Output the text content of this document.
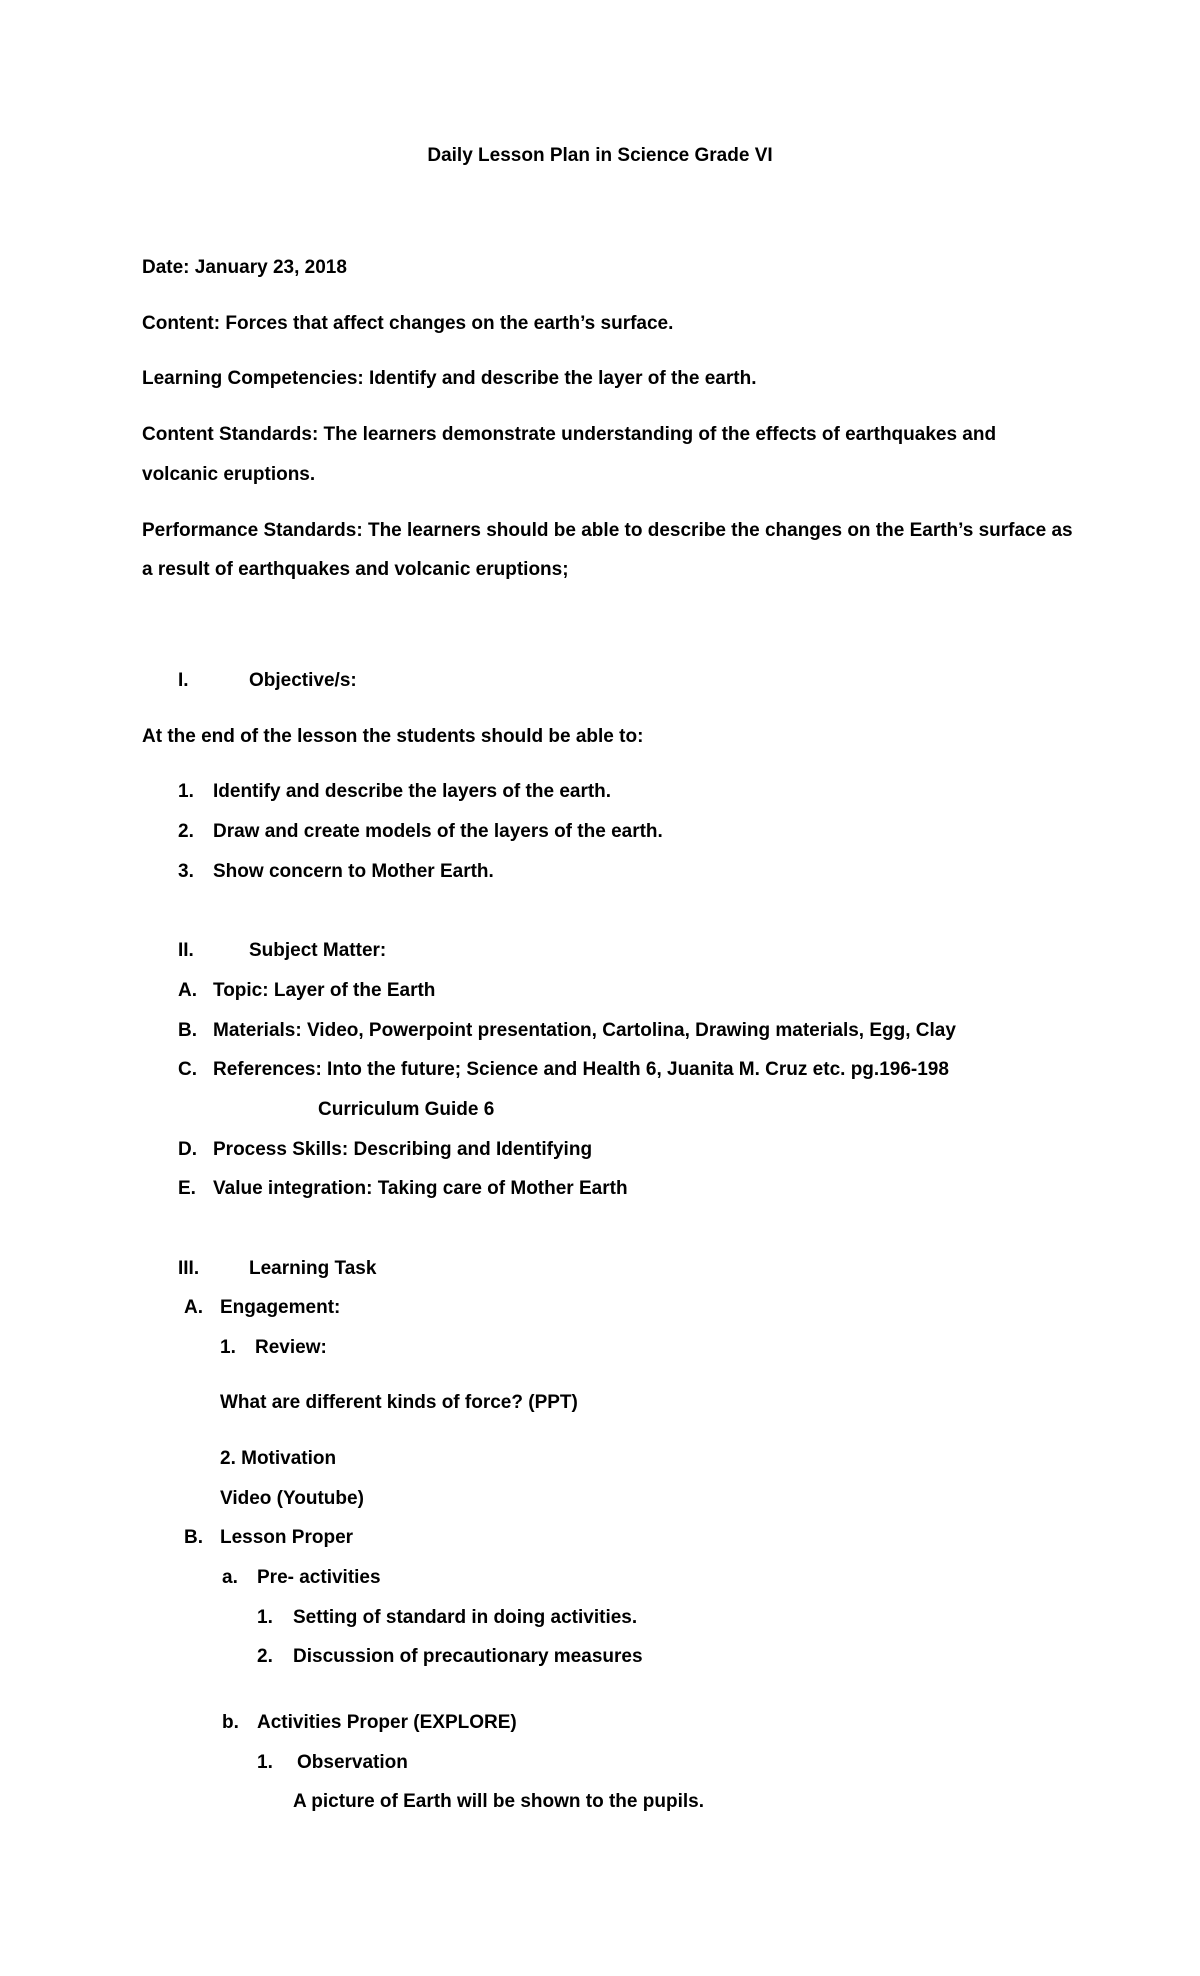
Daily Lesson Plan in Science Grade VI
Date: January 23, 2018
Content: Forces that affect changes on the earth’s surface.
Learning Competencies: Identify and describe the layer of the earth.
Content Standards: The learners demonstrate understanding of the effects of earthquakes and
volcanic eruptions.
Performance Standards: The learners should be able to describe the changes on the Earth’s surface as
a result of earthquakes and volcanic eruptions;
I.	Objective/s:
At the end of the lesson the students should be able to:
1. Identify and describe the layers of the earth.
2. Draw and create models of the layers of the earth.
3. Show concern to Mother Earth.
II.	Subject Matter:
A. Topic: Layer of the Earth
B. Materials: Video, Powerpoint presentation, Cartolina, Drawing materials, Egg, Clay
C. References: Into the future; Science and Health 6, Juanita M. Cruz etc. pg.196-198
Curriculum Guide 6
D. Process Skills: Describing and Identifying
E. Value integration: Taking care of Mother Earth
III.	Learning Task
A. Engagement:
1. Review:
What are different kinds of force? (PPT)
2. Motivation
Video (Youtube)
B. Lesson Proper
a. Pre- activities
1. Setting of standard in doing activities.
2. Discussion of precautionary measures
b. Activities Proper (EXPLORE)
1. Observation
A picture of Earth will be shown to the pupils.
